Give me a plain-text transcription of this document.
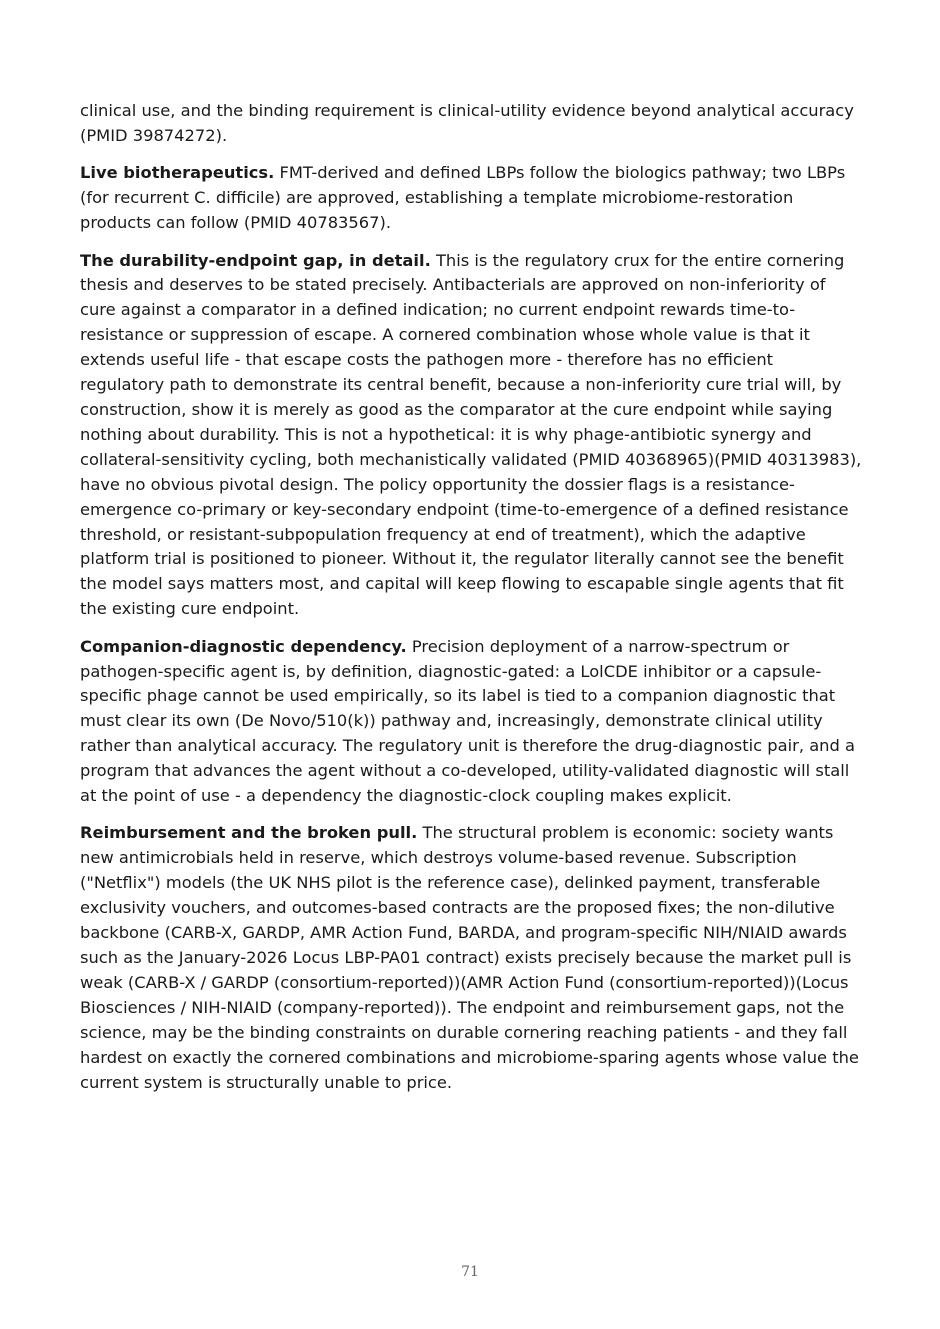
clinical use, and the binding requirement is clinical-utility evidence beyond analytical accuracy (PMID 39874272).

Live biotherapeutics. FMT-derived and defined LBPs follow the biologics pathway; two LBPs (for recurrent C. difficile) are approved, establishing a template microbiome-restoration products can follow (PMID 40783567).

The durability-endpoint gap, in detail. This is the regulatory crux for the entire cornering thesis and deserves to be stated precisely. Antibacterials are approved on non-inferiority of cure against a comparator in a defined indication; no current endpoint rewards time-to-resistance or suppression of escape. A cornered combination whose whole value is that it extends useful life - that escape costs the pathogen more - therefore has no efficient regulatory path to demonstrate its central benefit, because a non-inferiority cure trial will, by construction, show it is merely as good as the comparator at the cure endpoint while saying nothing about durability. This is not a hypothetical: it is why phage-antibiotic synergy and collateral-sensitivity cycling, both mechanistically validated (PMID 40368965)(PMID 40313983), have no obvious pivotal design. The policy opportunity the dossier flags is a resistance-emergence co-primary or key-secondary endpoint (time-to-emergence of a defined resistance threshold, or resistant-subpopulation frequency at end of treatment), which the adaptive platform trial is positioned to pioneer. Without it, the regulator literally cannot see the benefit the model says matters most, and capital will keep flowing to escapable single agents that fit the existing cure endpoint.

Companion-diagnostic dependency. Precision deployment of a narrow-spectrum or pathogen-specific agent is, by definition, diagnostic-gated: a LolCDE inhibitor or a capsule-specific phage cannot be used empirically, so its label is tied to a companion diagnostic that must clear its own (De Novo/510(k)) pathway and, increasingly, demonstrate clinical utility rather than analytical accuracy. The regulatory unit is therefore the drug-diagnostic pair, and a program that advances the agent without a co-developed, utility-validated diagnostic will stall at the point of use - a dependency the diagnostic-clock coupling makes explicit.

Reimbursement and the broken pull. The structural problem is economic: society wants new antimicrobials held in reserve, which destroys volume-based revenue. Subscription ("Netflix") models (the UK NHS pilot is the reference case), delinked payment, transferable exclusivity vouchers, and outcomes-based contracts are the proposed fixes; the non-dilutive backbone (CARB-X, GARDP, AMR Action Fund, BARDA, and program-specific NIH/NIAID awards such as the January-2026 Locus LBP-PA01 contract) exists precisely because the market pull is weak (CARB-X / GARDP (consortium-reported))(AMR Action Fund (consortium-reported))(Locus Biosciences / NIH-NIAID (company-reported)). The endpoint and reimbursement gaps, not the science, may be the binding constraints on durable cornering reaching patients - and they fall hardest on exactly the cornered combinations and microbiome-sparing agents whose value the current system is structurally unable to price.

71
